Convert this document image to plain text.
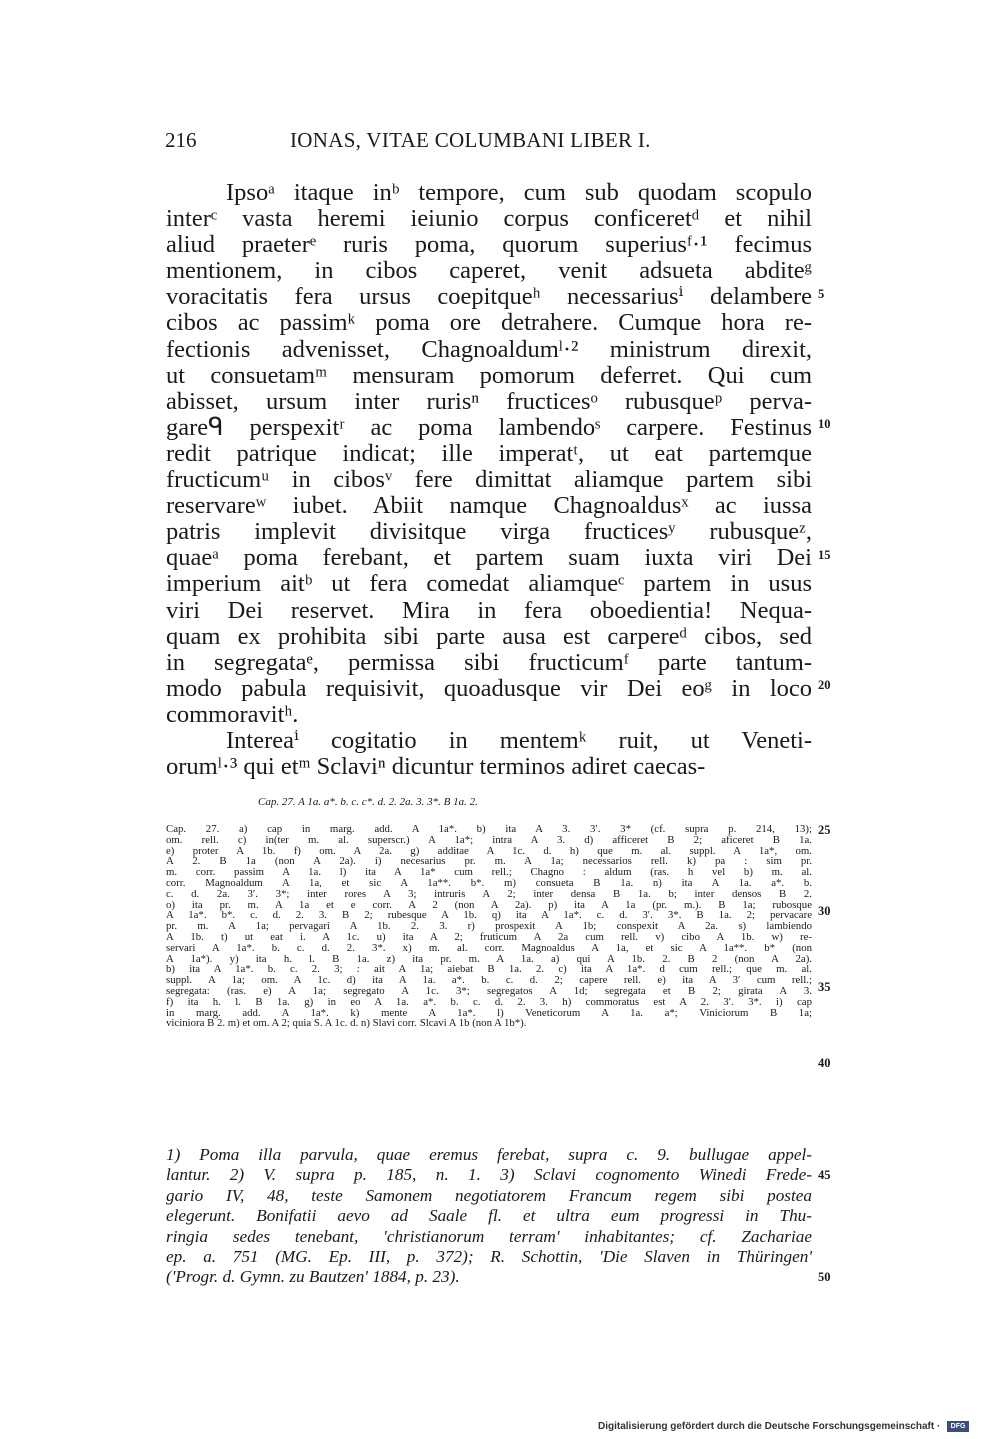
216	IONAS, VITAE COLUMBANI LIBER I.
Ipsoᵃ itaque inᵇ tempore, cum sub quodam scopulo
interᶜ vasta heremi ieiunio corpus conficeretᵈ et nihil
aliud praeterᵉ ruris poma, quorum superiusᶠ·¹ fecimus
mentionem, in cibos caperet, venit adsueta abditeᵍ
voracitatis fera ursus coepitqueʰ necessariusⁱ delambere
cibos ac passimᵏ poma ore detrahere. Cumque hora re-
fectionis advenisset, Chagnoaldumˡ·² ministrum direxit,
ut consuetamᵐ mensuram pomorum deferret. Qui cum
abisset, ursum inter rurisⁿ fructicesᵒ rubusqueᵖ perva-
gareᑫ perspexitʳ ac poma lambendoˢ carpere. Festinus
redit patrique indicat; ille imperatᵗ, ut eat partemque
fructicumᵘ in cibosᵛ fere dimittat aliamque partem sibi
reservareʷ iubet. Abiit namque Chagnoaldusˣ ac iussa
patris implevit divisitque virga fructicesʸ rubusqueᶻ,
quaeᵃ poma ferebant, et partem suam iuxta viri Dei
imperium aitᵇ ut fera comedat aliamqueᶜ partem in usus
viri Dei reservet. Mira in fera oboedientia! Nequa-
quam ex prohibita sibi parte ausa est carpereᵈ cibos, sed
in segregataᵉ, permissa sibi fructicumᶠ parte tantum-
modo pabula requisivit, quoadusque vir Dei eoᵍ in loco
commoravitʰ.
Intereaⁱ cogitatio in mentemᵏ ruit, ut Veneti-
orumˡ·³ qui etᵐ Sclaviⁿ dicuntur terminos adiret caecas-
5
10
15
20
Cap. 27. A 1a. a*. b. c. c*. d. 2. 2a. 3. 3*. B 1a. 2.
Cap. 27. a) cap in marg. add. A 1a*. b) ita A 3. 3′. 3* (cf. supra p. 214, 13);
om. rell. c) in(ter m. al. superscr.) A 1a*; intra A 3. d) afficeret B 2; aficeret B 1a.
e) proter A 1b. f) om. A 2a. g) additae A 1c. d. h) que m. al. suppl. A 1a*, om.
A 2. B 1a (non A 2a). i) necesarius pr. m. A 1a; necessarios rell. k) pa : sim pr.
m. corr. passim A 1a. l) ita A 1a* cum rell.; Chagno : aldum (ras. h vel b) m. al.
corr. Magnoaldum A 1a, et sic A 1a**. b*. m) consueta B 1a. n) ita A 1a. a*. b.
c. d. 2a. 3′. 3*; inter rores A 3; intruris A 2; inter densa B 1a. b; inter densos B 2.
o) ita pr. m. A 1a et e corr. A 2 (non A 2a). p) ita A 1a (pr. m.). B 1a; rubosque
A 1a*. b*. c. d. 2. 3. B 2; rubesque A 1b. q) ita A 1a*. c. d. 3′. 3*. B 1a. 2; pervacare
pr. m. A 1a; pervagari A 1b. 2. 3. r) prospexit A 1b; conspexit A 2a. s) lambiendo
A 1b. t) ut eat i. A 1c. u) ita A 2; fruticum A 2a cum rell. v) cibo A 1b. w) re-
servari A 1a*. b. c. d. 2. 3*. x) m. al. corr. Magnoaldus A 1a, et sic A 1a**. b* (non
A 1a*). y) ita h. l. B 1a. z) ita pr. m. A 1a. a) qui A 1b. 2. B 2 (non A 2a).
b) ita A 1a*. b. c. 2. 3; : ait A 1a; aiebat B 1a. 2. c) ita A 1a*. d cum rell.; que m. al.
suppl. A 1a; om. A 1c. d) ita A 1a. a*. b. c. d. 2; capere rell. e) ita A 3′ cum rell.;
segregata: (ras. e) A 1a; segregato A 1c. 3*; segregatos A 1d; segregata et B 2; girata A 3.
f) ita h. l. B 1a. g) in eo A 1a. a*. b. c. d. 2. 3. h) commoratus est A 2. 3′. 3*. i) cap
in marg. add. A 1a*. k) mente A 1a*. l) Veneticorum A 1a. a*; Viniciorum B 1a;
viciniora B 2. m) et om. A 2; quia S. A 1c. d. n) Slavi corr. Slcavi A 1b (non A 1b*).
25
30
35
40
1) Poma illa parvula, quae eremus ferebat, supra c. 9. bullugae appel-
lantur. 2) V. supra p. 185, n. 1. 3) Sclavi cognomento Winedi Frede-
gario IV, 48, teste Samonem negotiatorem Francum regem sibi postea
elegerunt. Bonifatii aevo ad Saale fl. et ultra eum progressi in Thu-
ringia sedes tenebant, 'christianorum terram' inhabitantes; cf. Zachariae
ep. a. 751 (MG. Ep. III, p. 372); R. Schottin, 'Die Slaven in Thüringen'
('Progr. d. Gymn. zu Bautzen' 1884, p. 23).
45
50
Digitalisierung gefördert durch die Deutsche Forschungsgemeinschaft · DFG
